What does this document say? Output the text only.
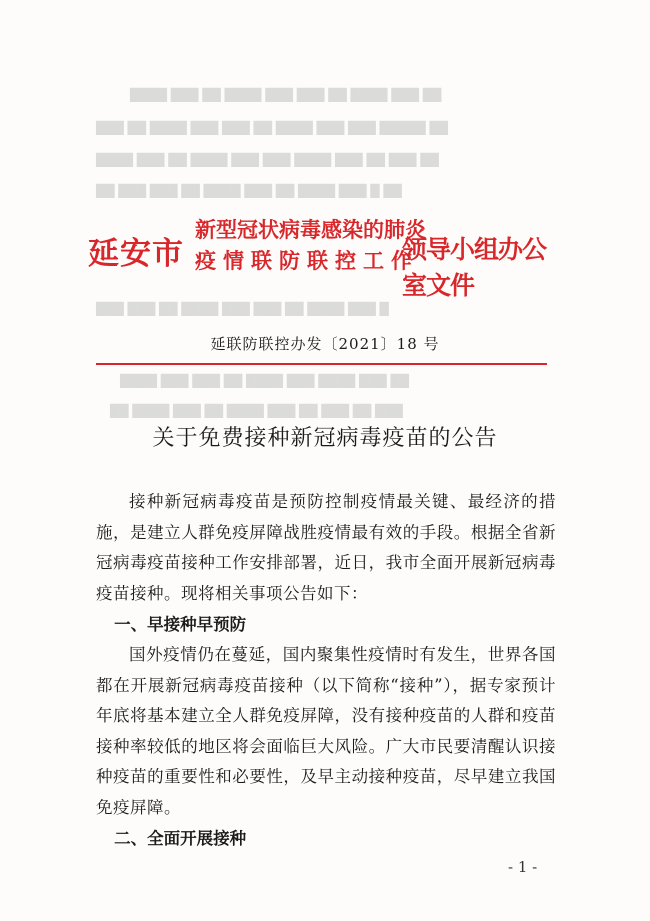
████ ███ ██ ████ ███ ███ ██ ████ ███ ██
███ ██ ████ ███ ███ ██ ████ ███ ███ █████ ██
████ ███ ██ ████ ███ ███ ████ ███ ██ ███ ██
██ ███ ███ ██ ████ ███ ██ ████ ███ █ ██
███ ███ ██ ████ ███ ███ ██ ████ ███ █
████ ███ ███ ██ ████ ███ ████ ███ ██
██ ████ ███ ██ ████ ███ ██ ███ ██ ███
延安市
新型冠状病毒感染的肺炎
疫情联防联控工作
领导小组办公室文件
延联防联控办发〔2021〕18 号
关于免费接种新冠病毒疫苗的公告

接种新冠病毒疫苗是预防控制疫情最关键、最经济的措施，是建立人群免疫屏障战胜疫情最有效的手段。根据全省新冠病毒疫苗接种工作安排部署，近日，我市全面开展新冠病毒疫苗接种。现将相关事项公告如下：

一、早接种早预防

国外疫情仍在蔓延，国内聚集性疫情时有发生，世界各国都在开展新冠病毒疫苗接种（以下简称“接种”），据专家预计年底将基本建立全人群免疫屏障，没有接种疫苗的人群和疫苗接种率较低的地区将会面临巨大风险。广大市民要清醒认识接种疫苗的重要性和必要性，及早主动接种疫苗，尽早建立我国免疫屏障。

二、全面开展接种
- 1 -
